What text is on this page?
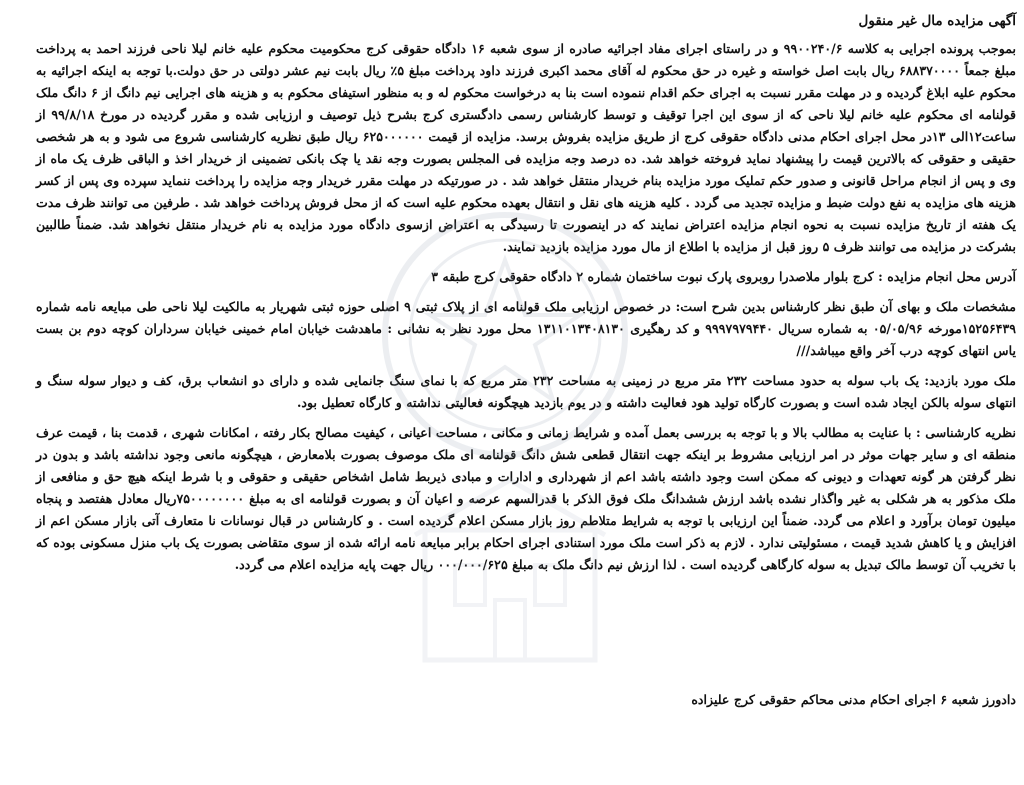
آگهی مزایده مال غیر منقول

بموجب پرونده اجرایی به کلاسه ۹۹۰۰۲۴۰/۶ و در راستای اجرای مفاد اجرائیه صادره از سوی شعبه ۱۶ دادگاه حقوقی کرج محکومیت محکوم علیه خانم لیلا ناحی فرزند احمد به پرداخت مبلغ جمعاً ۶۸۸۳۷۰۰۰۰ ریال بابت اصل خواسته و غیره در حق محکوم له آقای محمد اکبری فرزند داود پرداخت مبلغ ۵٪ ریال بابت نیم عشر دولتی در حق دولت.با توجه به اینکه اجرائیه به محکوم علیه ابلاغ گردیده و در مهلت مقرر نسبت به اجرای حکم اقدام ننموده است بنا به درخواست محکوم له و به منظور استیفای محکوم به و هزینه های اجرایی نیم دانگ از ۶ دانگ ملک قولنامه ای محکوم علیه خانم لیلا ناحی که از سوی این اجرا توقیف و توسط کارشناس رسمی دادگستری کرج بشرح ذیل توصیف و ارزیابی شده و مقرر گردیده در مورخ ۹۹/۸/۱۸ از ساعت۱۲الی ۱۳در محل اجرای احکام مدنی دادگاه حقوقی کرج از طریق مزایده بفروش برسد. مزایده از قیمت ۶۲۵۰۰۰۰۰۰ ریال طبق نظریه کارشناسی شروع می شود و به هر شخصی حقیقی و حقوقی که بالاترین قیمت را پیشنهاد نماید فروخته خواهد شد. ده درصد وجه مزایده فی المجلس بصورت وجه نقد یا چک بانکی تضمینی از خریدار اخذ و الباقی ظرف یک ماه از وی و پس از انجام مراحل قانونی و صدور حکم تملیک مورد مزایده بنام خریدار منتقل خواهد شد . در صورتیکه در مهلت مقرر خریدار وجه مزایده را پرداخت ننماید سپرده وی پس از کسر هزینه های مزایده به نفع دولت ضبط و مزایده تجدید می گردد . کلیه هزینه های نقل و انتقال بعهده محکوم علیه است که از محل فروش پرداخت خواهد شد . طرفین می توانند ظرف مدت یک هفته از تاریخ مزایده نسبت به نحوه انجام مزایده اعتراض نمایند که در اینصورت تا رسیدگی به اعتراض ازسوی دادگاه مورد مزایده به نام خریدار منتقل نخواهد شد. ضمناً طالبین بشرکت در مزایده می توانند ظرف ۵ روز قبل از مزایده با اطلاع از مال مورد مزایده بازدید نمایند.

آدرس محل انجام مزایده : کرج بلوار ملاصدرا روبروی پارک نبوت ساختمان شماره ۲ دادگاه حقوقی کرج طبقه ۳

مشخصات ملک و بهای آن طبق نظر کارشناس بدین شرح است: در خصوص ارزیابی ملک قولنامه ای از پلاک ثبتی ۹ اصلی حوزه ثبتی شهریار به مالکیت لیلا ناحی طی مبایعه نامه شماره ۱۵۲۵۶۴۳۹مورخه ۰۵/۰۵/۹۶ به شماره سریال ۹۹۹۷۹۷۹۴۴۰ و کد رهگیری ۱۳۱۱۰۱۳۴۰۸۱۳۰ محل مورد نظر به نشانی : ماهدشت خیابان امام خمینی خیابان سرداران کوچه دوم بن بست یاس انتهای کوچه درب آخر واقع میباشد///

ملک مورد بازدید: یک باب سوله به حدود مساحت ۲۳۲ متر مربع در زمینی به مساحت ۲۳۲ متر مربع که با نمای سنگ جانمایی شده و دارای دو انشعاب برق، کف و دیوار سوله سنگ و انتهای سوله بالکن ایجاد شده است و بصورت کارگاه تولید هود فعالیت داشته و در یوم بازدید هیچگونه فعالیتی نداشته و کارگاه تعطیل بود.

نظریه کارشناسی : با عنایت به مطالب بالا و با توجه به بررسی بعمل آمده و شرایط زمانی و مکانی ، مساحت اعیانی ، کیفیت مصالح بکار رفته ، امکانات شهری ، قدمت بنا ، قیمت عرف منطقه ای و سایر جهات موثر در امر ارزیابی مشروط بر اینکه جهت انتقال قطعی شش دانگ قولنامه ای ملک موصوف بصورت بلامعارض ، هیچگونه مانعی وجود نداشته باشد و بدون در نظر گرفتن هر گونه تعهدات و دیونی که ممکن است وجود داشته باشد اعم از شهرداری و ادارات و مبادی ذیربط شامل اشخاص حقیقی و حقوقی و با شرط اینکه هیچ حق و منافعی از ملک مذکور به هر شکلی به غیر واگذار نشده باشد ارزش ششدانگ ملک فوق الذکر با قدرالسهم عرصه و اعیان آن و بصورت قولنامه ای به مبلغ ۷۵۰۰۰۰۰۰۰۰ریال معادل هفتصد و پنجاه میلیون تومان برآورد و اعلام می گردد. ضمناً این ارزیابی با توجه به شرایط متلاطم روز بازار مسکن اعلام گردیده است . و کارشناس در قبال نوسانات نا متعارف آتی بازار مسکن اعم از افزایش و یا کاهش شدید قیمت ، مسئولیتی ندارد . لازم به ذکر است ملک مورد استنادی اجرای احکام برابر مبایعه نامه ارائه شده از سوی متقاضی بصورت یک باب منزل مسکونی بوده که با تخریب آن توسط مالک تبدیل به سوله کارگاهی گردیده است . لذا ارزش نیم دانگ ملک به مبلغ ۰۰۰/۰۰۰/۶۲۵ ریال جهت پایه مزایده اعلام می گردد.

دادورز شعبه ۶ اجرای احکام مدنی محاکم حقوقی کرج علیزاده
